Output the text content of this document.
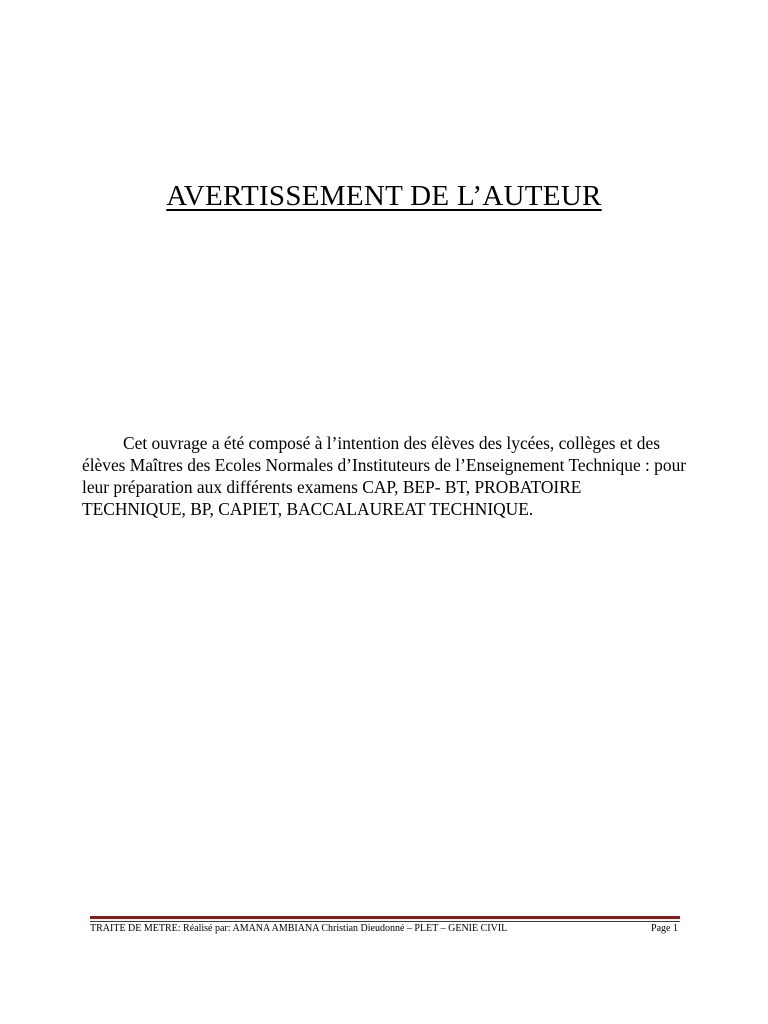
AVERTISSEMENT DE L’AUTEUR
Cet ouvrage a été composé à l’intention des élèves des lycées, collèges et des
élèves Maîtres des Ecoles Normales d’Instituteurs de l’Enseignement Technique : pour
leur préparation aux différents examens CAP, BEP- BT, PROBATOIRE
TECHNIQUE, BP, CAPIET, BACCALAUREAT TECHNIQUE.
TRAITE DE METRE: Réalisé par: AMANA AMBIANA Christian Dieudonné – PLET – GENIE CIVIL	Page 1
